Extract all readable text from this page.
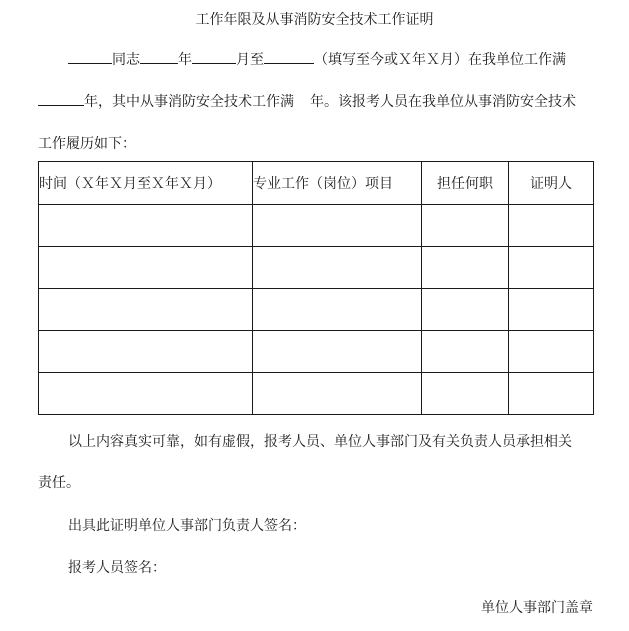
工作年限及从事消防安全技术工作证明
同志	年	月至	（填写至今或Ｘ年Ｘ月）在我单位工作满
年，其中从事消防安全技术工作满 年。该报考人员在我单位从事消防安全技术
工作履历如下：
时间（Ｘ年Ｘ月至Ｘ年Ｘ月）	专业工作（岗位）项目	担任何职	证明人

以上内容真实可靠，如有虚假，报考人员、单位人事部门及有关负责人员承担相关
责任。
出具此证明单位人事部门负责人签名：
报考人员签名：
单位人事部门盖章
